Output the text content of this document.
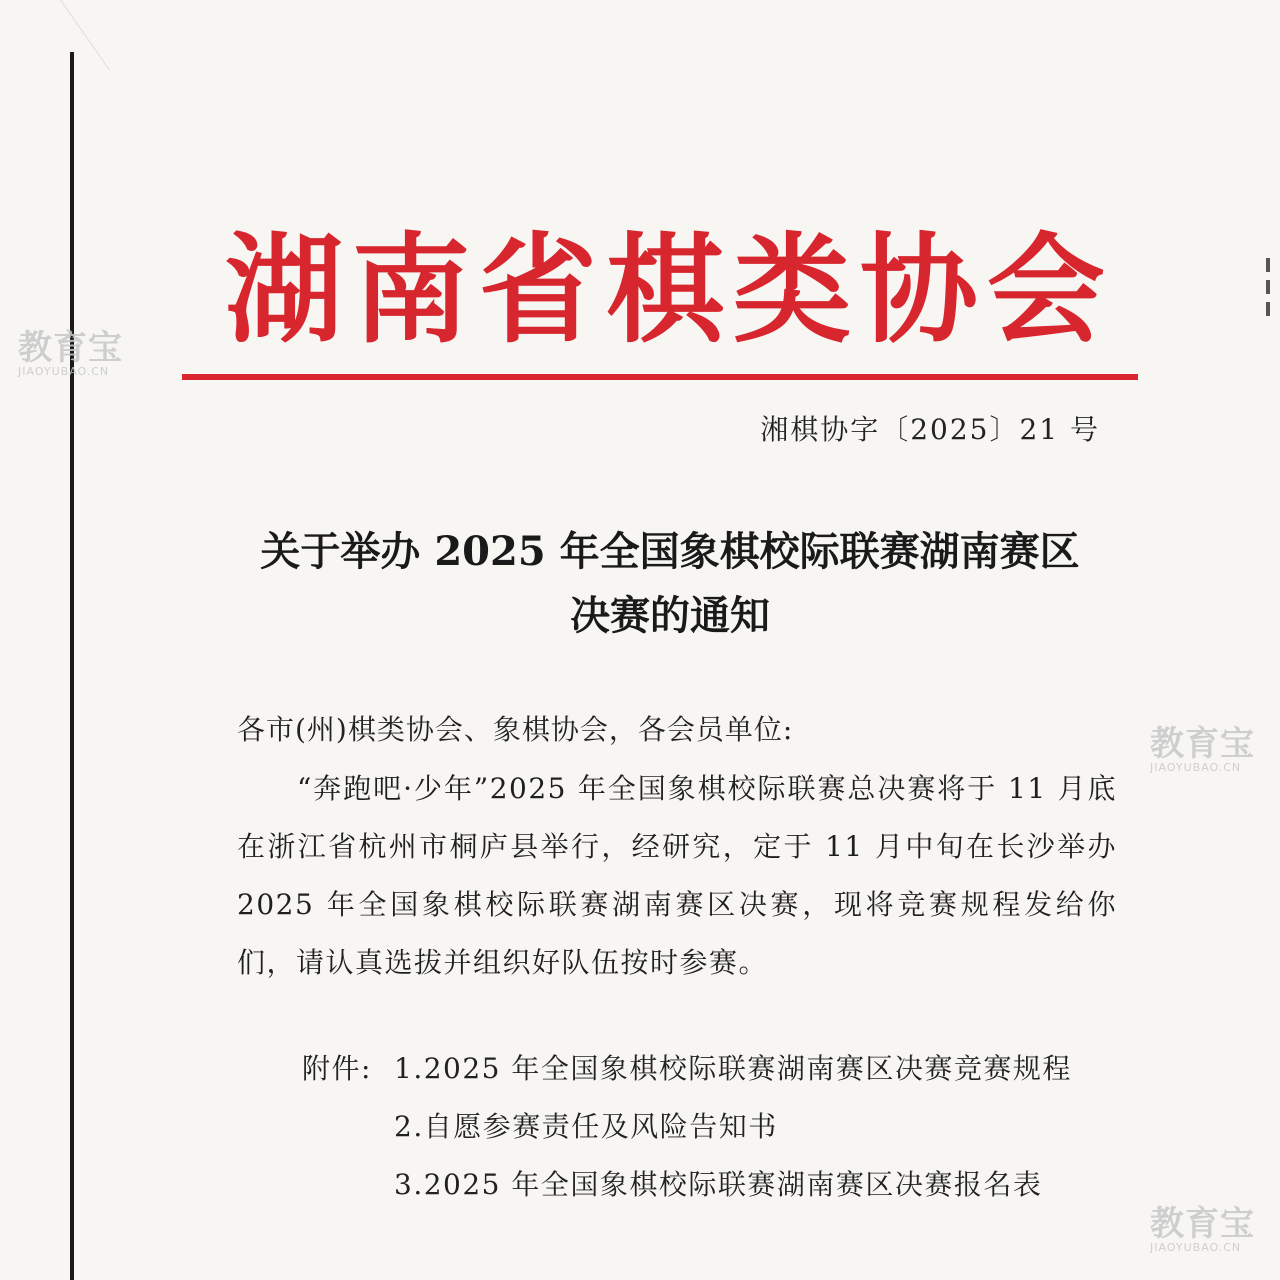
湖 南 省 棋 类 协 会
湘棋协字〔2025〕21 号
关于举办 2025 年全国象棋校际联赛湖南赛区
决赛的通知
各市(州)棋类协会、象棋协会，各会员单位:
“奔跑吧·少年”2025 年全国象棋校际联赛总决赛将于 11 月底在浙江省杭州市桐庐县举行，经研究，定于 11 月中旬在长沙举办 2025 年全国象棋校际联赛湖南赛区决赛，现将竞赛规程发给你们，请认真选拔并组织好队伍按时参赛。
附件: 1.2025 年全国象棋校际联赛湖南赛区决赛竞赛规程
2.自愿参赛责任及风险告知书
3.2025 年全国象棋校际联赛湖南赛区决赛报名表
教育宝
JIAOYUBAO.CN
教育宝
JIAOYUBAO.CN
教育宝
JIAOYUBAO.CN
